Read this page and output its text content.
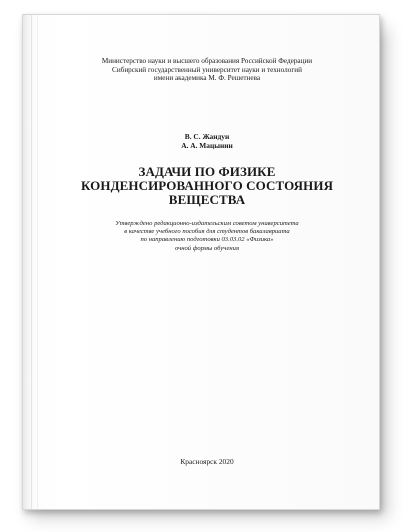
Министерство науки и высшего образования Российской Федерации
Сибирский государственный университет науки и технологий
имени академика М. Ф. Решетнева
В. С. Жандун
А. А. Мацынин
ЗАДАЧИ ПО ФИЗИКЕ
КОНДЕНСИРОВАННОГО СОСТОЯНИЯ
ВЕЩЕСТВА
Утверждено редакционно-издательским советом университета
в качестве учебного пособия для студентов бакалавриата
по направлению подготовки 03.03.02 «Физика»
очной формы обучения
Красноярск 2020
